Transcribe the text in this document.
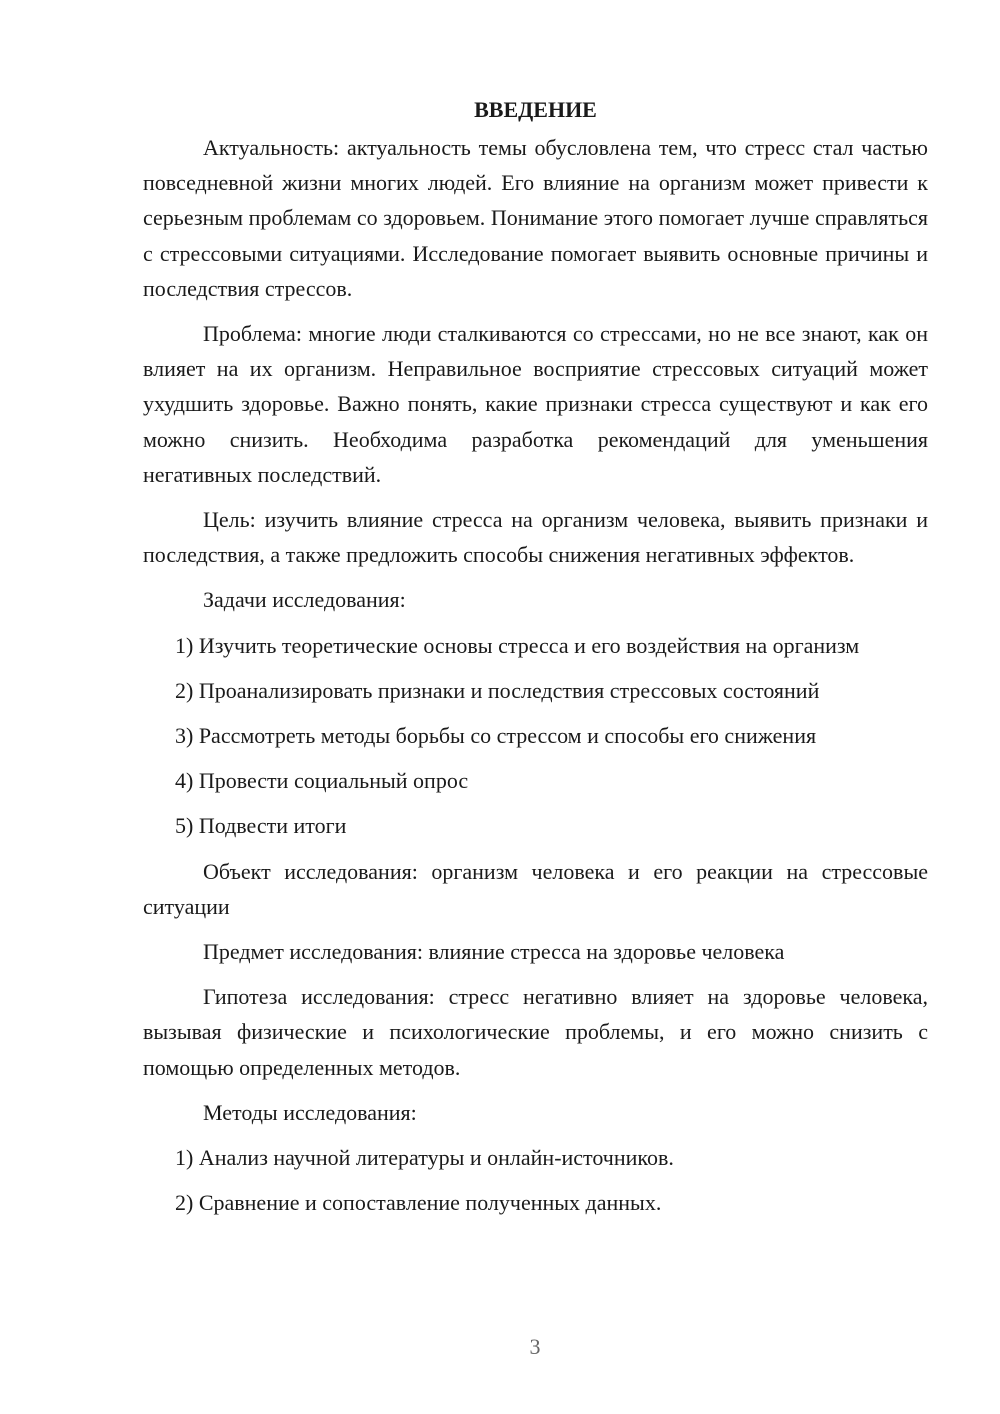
ВВЕДЕНИЕ
Актуальность: актуальность темы обусловлена тем, что стресс стал частью повседневной жизни многих людей. Его влияние на организм может привести к серьезным проблемам со здоровьем. Понимание этого помогает лучше справляться с стрессовыми ситуациями. Исследование помогает выявить основные причины и последствия стрессов.
Проблема: многие люди сталкиваются со стрессами, но не все знают, как он влияет на их организм. Неправильное восприятие стрессовых ситуаций может ухудшить здоровье. Важно понять, какие признаки стресса существуют и как его можно снизить. Необходима разработка рекомендаций для уменьшения негативных последствий.
Цель: изучить влияние стресса на организм человека, выявить признаки и последствия, а также предложить способы снижения негативных эффектов.
Задачи исследования:
1) Изучить теоретические основы стресса и его воздействия на организм
2) Проанализировать признаки и последствия стрессовых состояний
3) Рассмотреть методы борьбы со стрессом и способы его снижения
4) Провести социальный опрос
5) Подвести итоги
Объект исследования: организм человека и его реакции на стрессовые ситуации
Предмет исследования: влияние стресса на здоровье человека
Гипотеза исследования: стресс негативно влияет на здоровье человека, вызывая физические и психологические проблемы, и его можно снизить с помощью определенных методов.
Методы исследования:
1) Анализ научной литературы и онлайн-источников.
2) Сравнение и сопоставление полученных данных.
3
